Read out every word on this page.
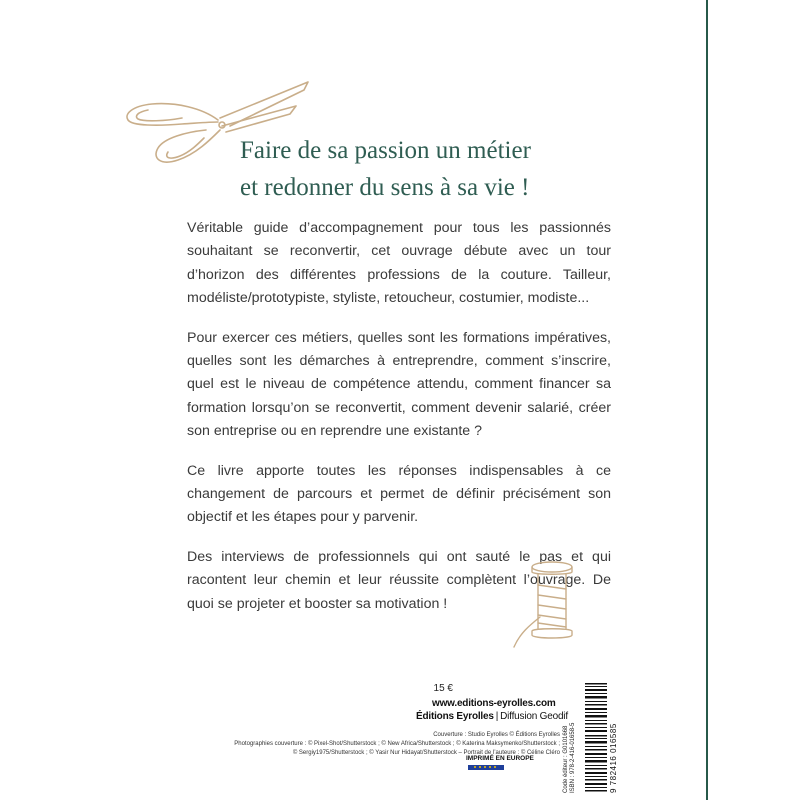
Faire de sa passion un métier
et redonner du sens à sa vie !

Véritable guide d’accompagnement pour tous les passionnés souhaitant se reconvertir, cet ouvrage débute avec un tour d’horizon des différentes professions de la couture. Tailleur, modéliste/prototypiste, styliste, retoucheur, costumier, modiste...

Pour exercer ces métiers, quelles sont les formations impératives, quelles sont les démarches à entreprendre, comment s’inscrire, quel est le niveau de compétence attendu, comment financer sa formation lorsqu’on se reconvertit, comment devenir salarié, créer son entreprise ou en reprendre une existante ?

Ce livre apporte toutes les réponses indispensables à ce changement de parcours et permet de définir précisément son objectif et les étapes pour y parvenir.

Des interviews de professionnels qui ont sauté le pas et qui racontent leur chemin et leur réussite complètent l’ouvrage. De quoi se projeter et booster sa motivation !

15 €
www.editions-eyrolles.com
Éditions Eyrolles | Diffusion Geodif
Couverture : Studio Eyrolles © Éditions Eyrolles
Photographies couverture : © Pixel-Shot/Shutterstock ; © New Africa/Shutterstock ; © Katerina Maksymenko/Shutterstock ;
© Sergiy1975/Shutterstock ; © Yasir Nur Hidayat/Shutterstock – Portrait de l’auteure : © Céline Cléro
IMPRIMÉ EN EUROPE	Code éditeur : G0101668 ISBN : 978-2-416-01658-5	9 782416 016585
